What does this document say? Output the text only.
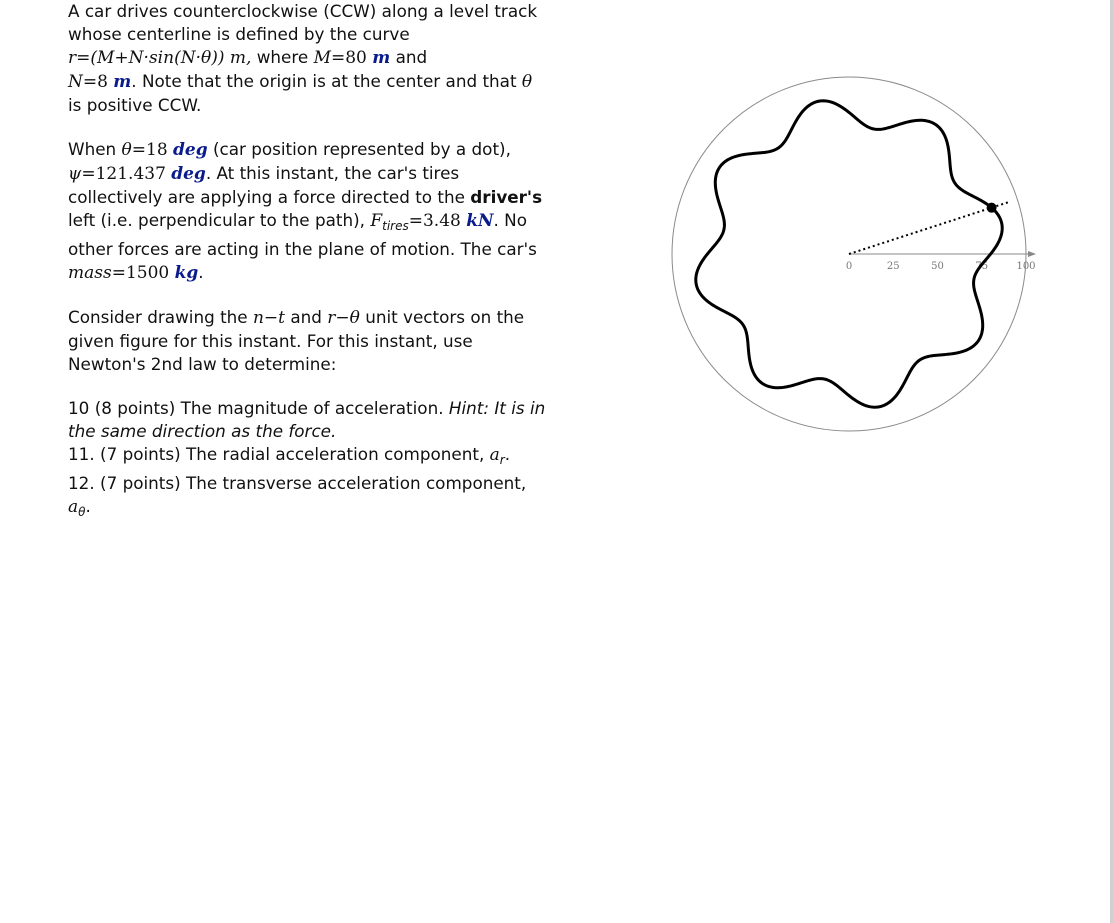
A car drives counterclockwise (CCW) along a level track
whose centerline is defined by the curve
r=(M+N·sin(N·θ)) m, where M=80 m and
N=8 m. Note that the origin is at the center and that θ
is positive CCW.

When θ=18 deg (car position represented by a dot),
ψ=121.437 deg. At this instant, the car's tires
collectively are applying a force directed to the driver's
left (i.e. perpendicular to the path), $F_{tires}=3.48$ kN. No
other forces are acting in the plane of motion. The car's
mass=1500 kg.

Consider drawing the n−t and r−θ unit vectors on the
given figure for this instant. For this instant, use
Newton's 2nd law to determine:

10 (8 points) The magnitude of acceleration. Hint: It is in
the same direction as the force.
11. (7 points) The radial acceleration component, $a_r$.
12. (7 points) The transverse acceleration component, $a_\theta$.

0	25	50	75	100
